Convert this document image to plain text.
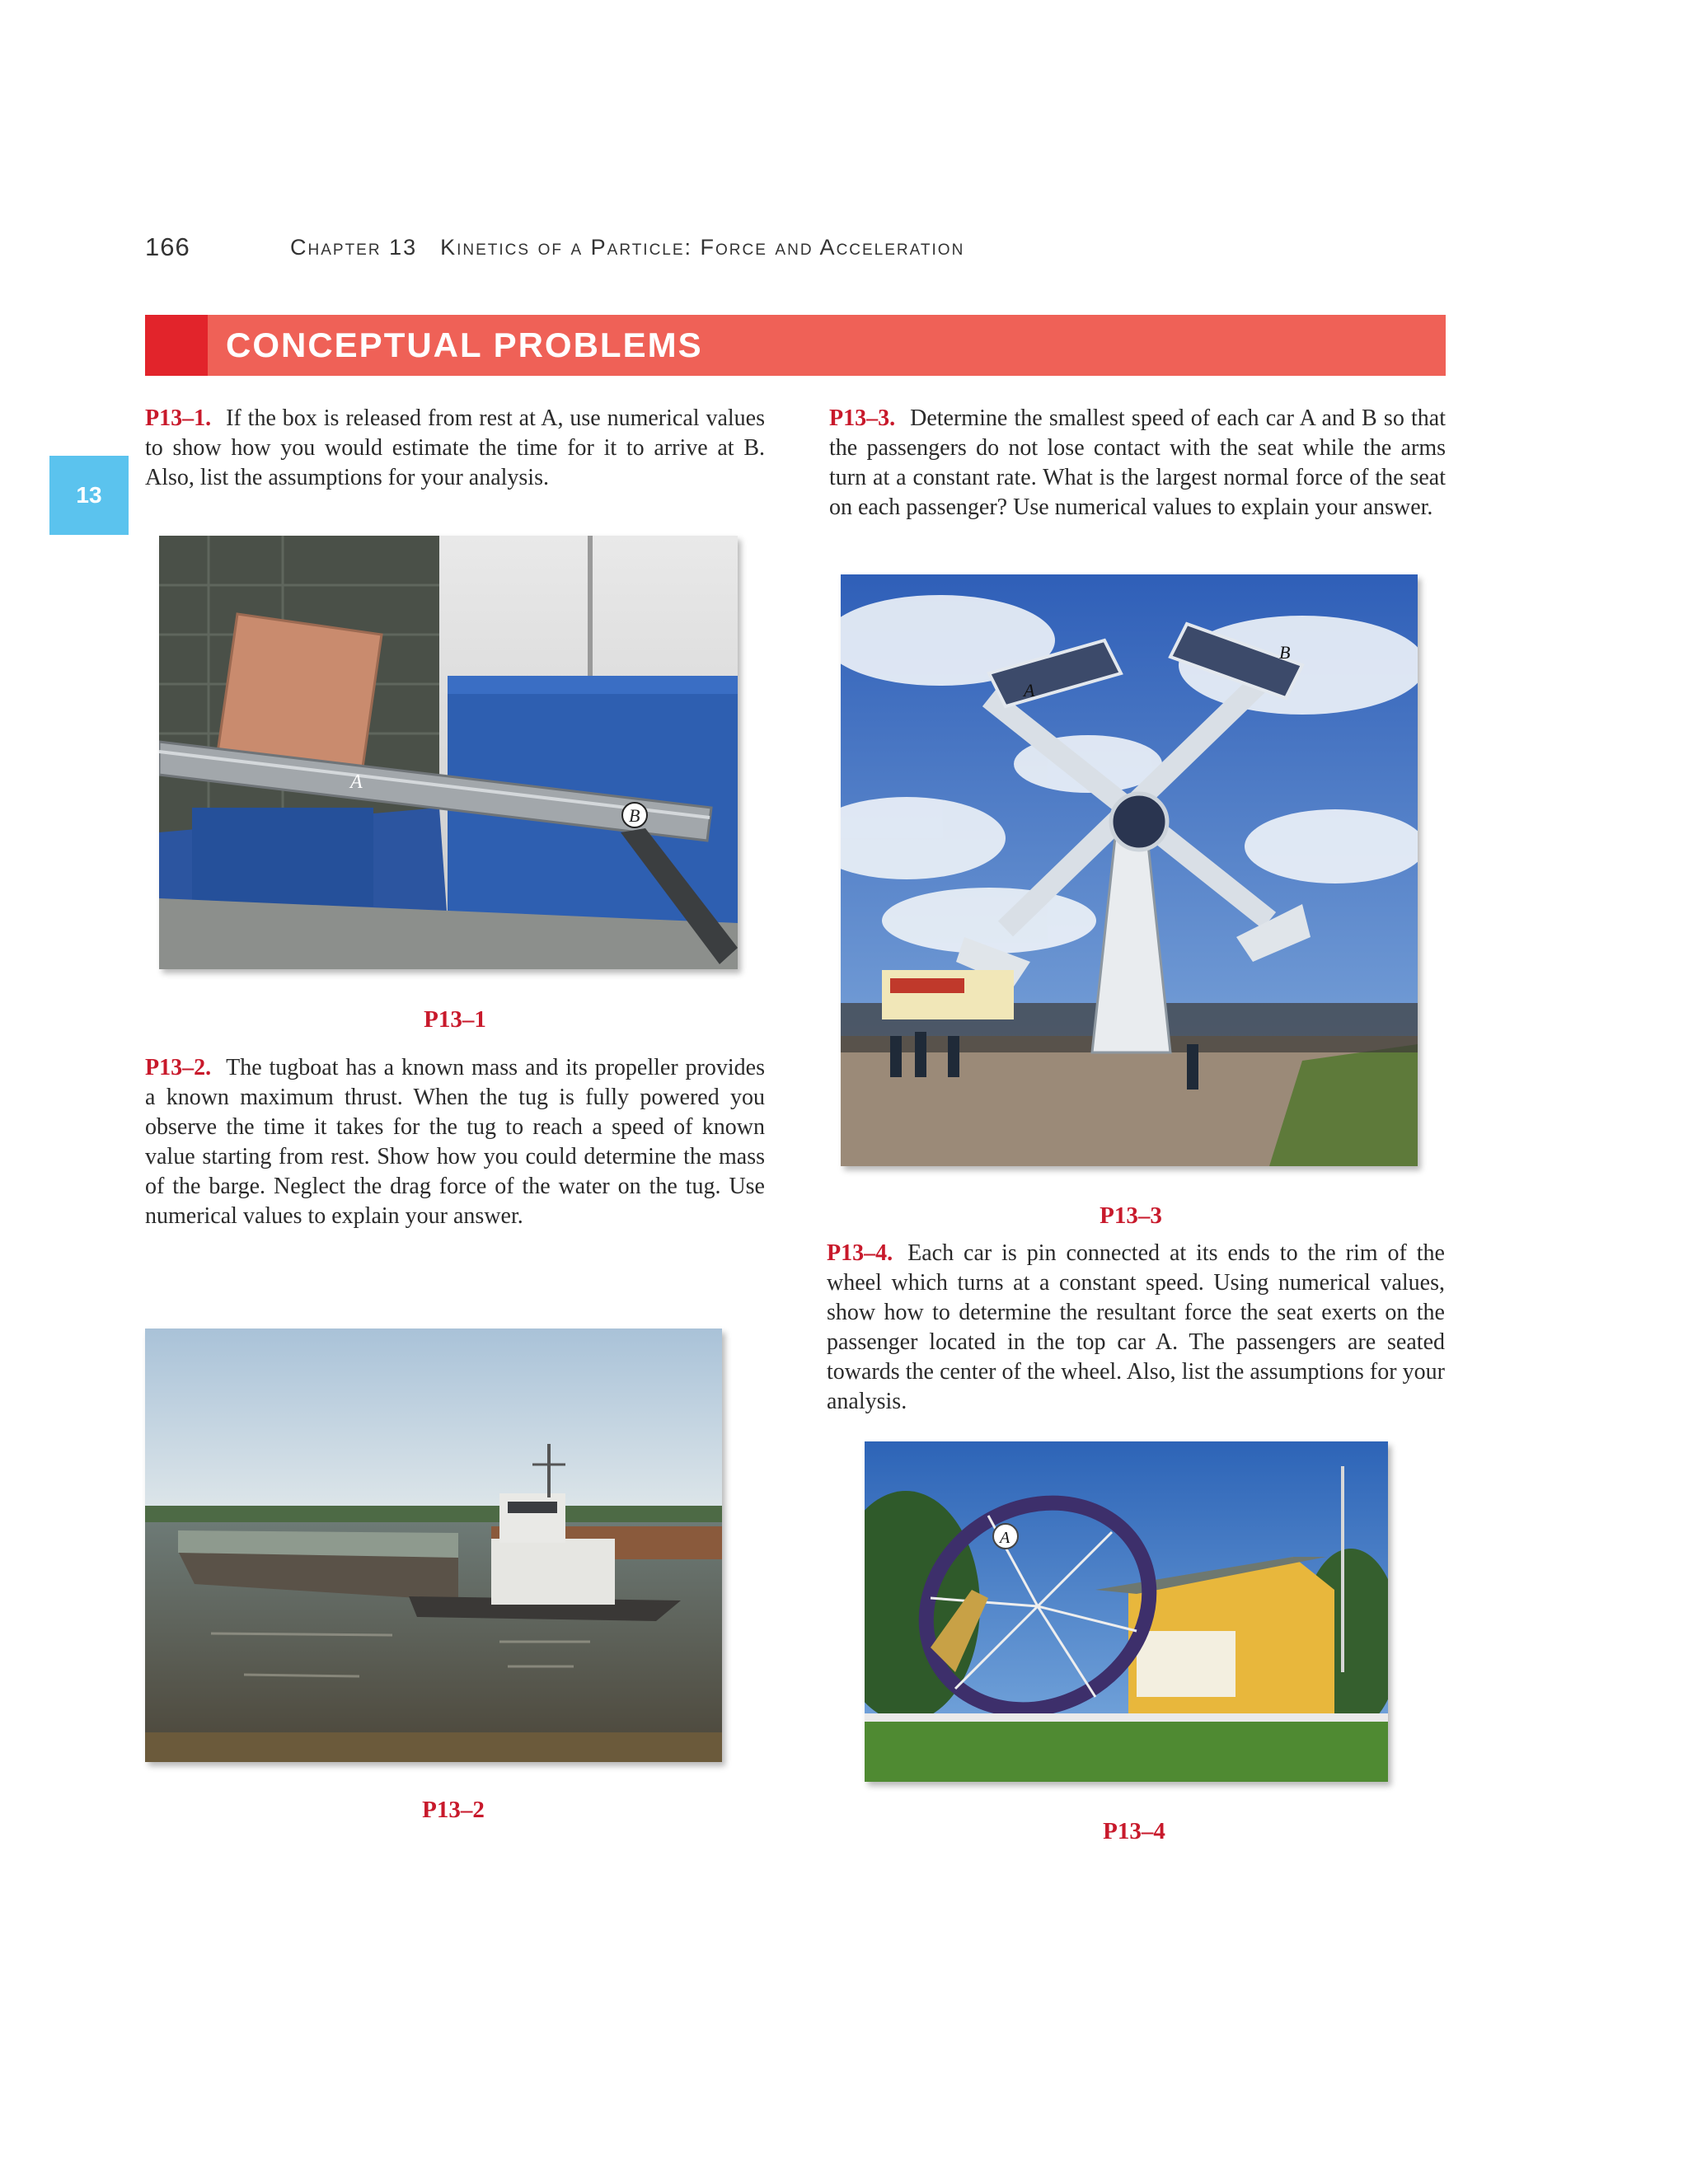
166	Chapter 13 Kinetics of a Particle: Force and Acceleration
CONCEPTUAL PROBLEMS
13
P13–1. If the box is released from rest at A, use numerical values to show how you would estimate the time for it to arrive at B. Also, list the assumptions for your analysis.
A
B
P13–1
P13–2. The tugboat has a known mass and its propeller provides a known maximum thrust. When the tug is fully powered you observe the time it takes for the tug to reach a speed of known value starting from rest. Show how you could determine the mass of the barge. Neglect the drag force of the water on the tug. Use numerical values to explain your answer.
P13–2
P13–3. Determine the smallest speed of each car A and B so that the passengers do not lose contact with the seat while the arms turn at a constant rate. What is the largest normal force of the seat on each passenger? Use numerical values to explain your answer.
A
B
P13–3
P13–4. Each car is pin connected at its ends to the rim of the wheel which turns at a constant speed. Using numerical values, show how to determine the resultant force the seat exerts on the passenger located in the top car A. The passengers are seated towards the center of the wheel. Also, list the assumptions for your analysis.
A
P13–4
